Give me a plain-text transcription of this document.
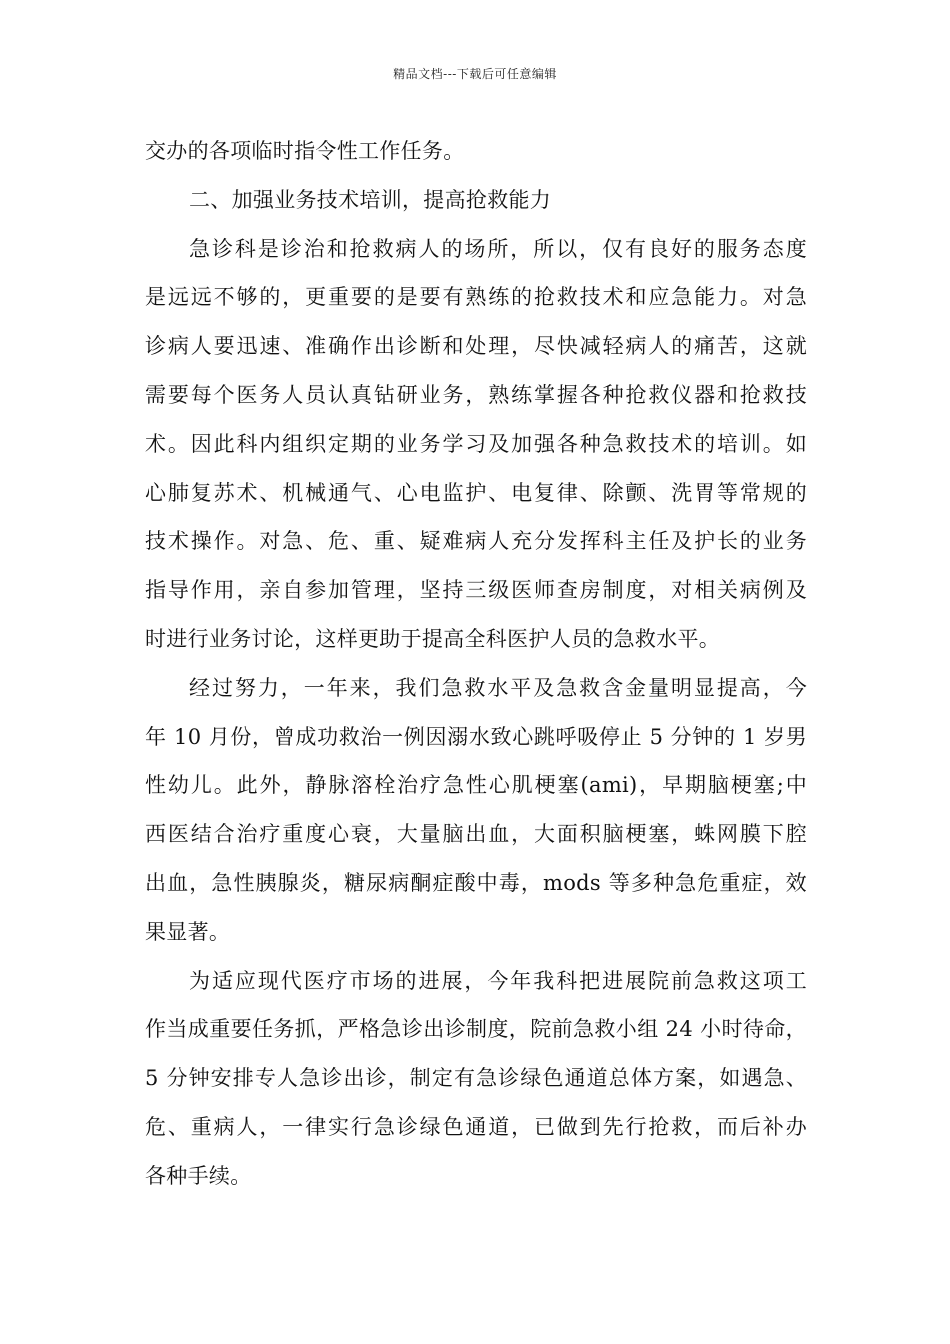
精品文档---下载后可任意编辑
交办的各项临时指令性工作任务。
二、加强业务技术培训，提高抢救能力
急诊科是诊治和抢救病人的场所，所以，仅有良好的服务态度
是远远不够的，更重要的是要有熟练的抢救技术和应急能力。对急
诊病人要迅速、准确作出诊断和处理，尽快减轻病人的痛苦，这就
需要每个医务人员认真钻研业务，熟练掌握各种抢救仪器和抢救技
术。因此科内组织定期的业务学习及加强各种急救技术的培训。如
心肺复苏术、机械通气、心电监护、电复律、除颤、洗胃等常规的
技术操作。对急、危、重、疑难病人充分发挥科主任及护长的业务
指导作用，亲自参加管理，坚持三级医师查房制度，对相关病例及
时进行业务讨论，这样更助于提高全科医护人员的急救水平。
经过努力，一年来，我们急救水平及急救含金量明显提高，今
年 10 月份，曾成功救治一例因溺水致心跳呼吸停止 5 分钟的 1 岁男
性幼儿。此外，静脉溶栓治疗急性心肌梗塞(ami)，早期脑梗塞;中
西医结合治疗重度心衰，大量脑出血，大面积脑梗塞，蛛网膜下腔
出血，急性胰腺炎，糖尿病酮症酸中毒，mods 等多种急危重症，效
果显著。
为适应现代医疗市场的进展，今年我科把进展院前急救这项工
作当成重要任务抓，严格急诊出诊制度，院前急救小组 24 小时待命，
5 分钟安排专人急诊出诊，制定有急诊绿色通道总体方案，如遇急、
危、重病人，一律实行急诊绿色通道，已做到先行抢救，而后补办
各种手续。
